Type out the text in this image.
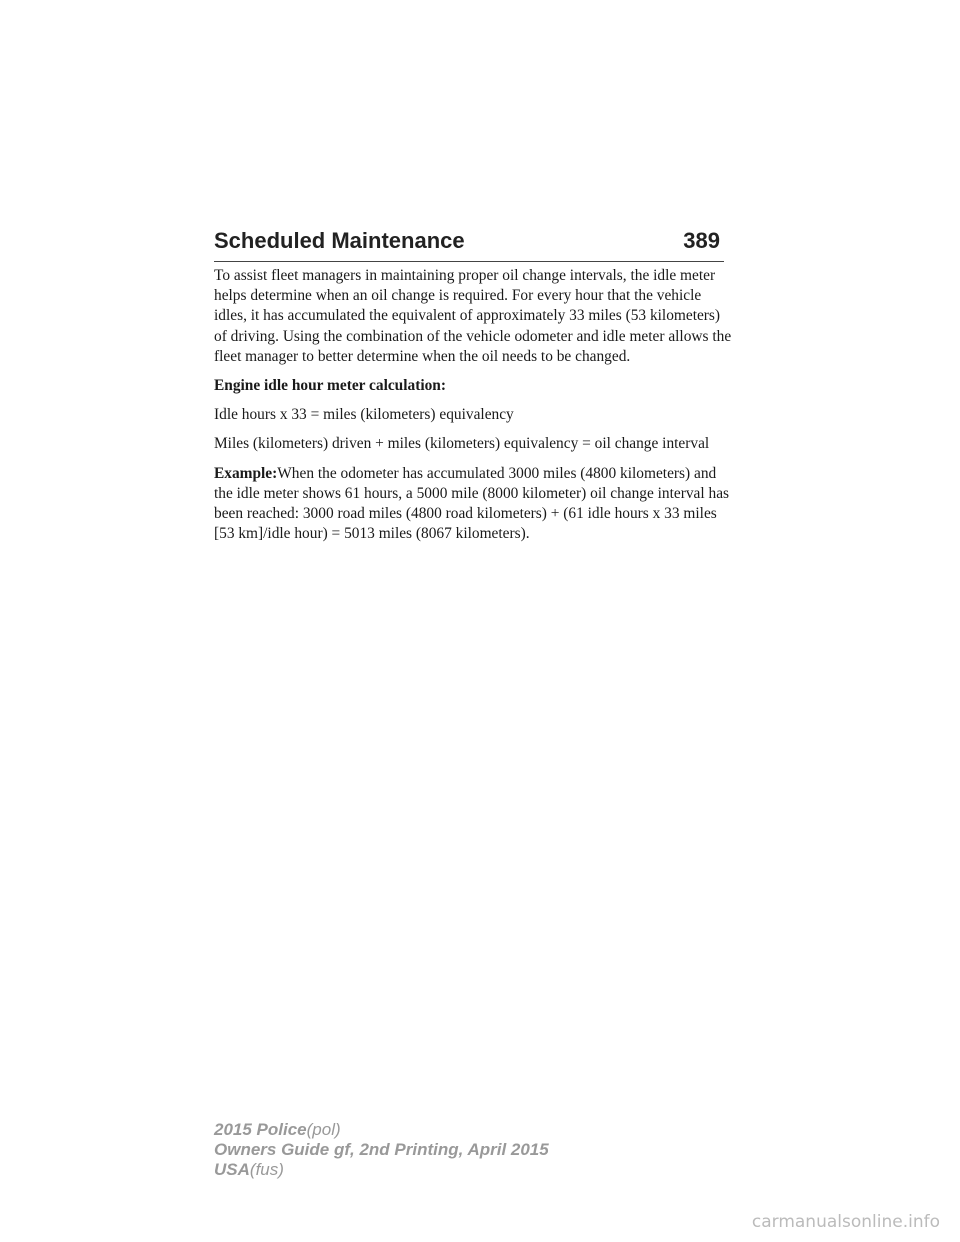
Scheduled Maintenance	389

To assist fleet managers in maintaining proper oil change intervals, the idle meter helps determine when an oil change is required. For every hour that the vehicle idles, it has accumulated the equivalent of approximately 33 miles (53 kilometers) of driving. Using the combination of the vehicle odometer and idle meter allows the fleet manager to better determine when the oil needs to be changed.

Engine idle hour meter calculation:

Idle hours x 33 = miles (kilometers) equivalency

Miles (kilometers) driven + miles (kilometers) equivalency = oil change interval

Example:When the odometer has accumulated 3000 miles (4800 kilometers) and the idle meter shows 61 hours, a 5000 mile (8000 kilometer) oil change interval has been reached: 3000 road miles (4800 road kilometers) + (61 idle hours x 33 miles [53 km]/idle hour) = 5013 miles (8067 kilometers).

2015 Police(pol)
Owners Guide gf, 2nd Printing, April 2015
USA(fus)
carmanualsonline.info
